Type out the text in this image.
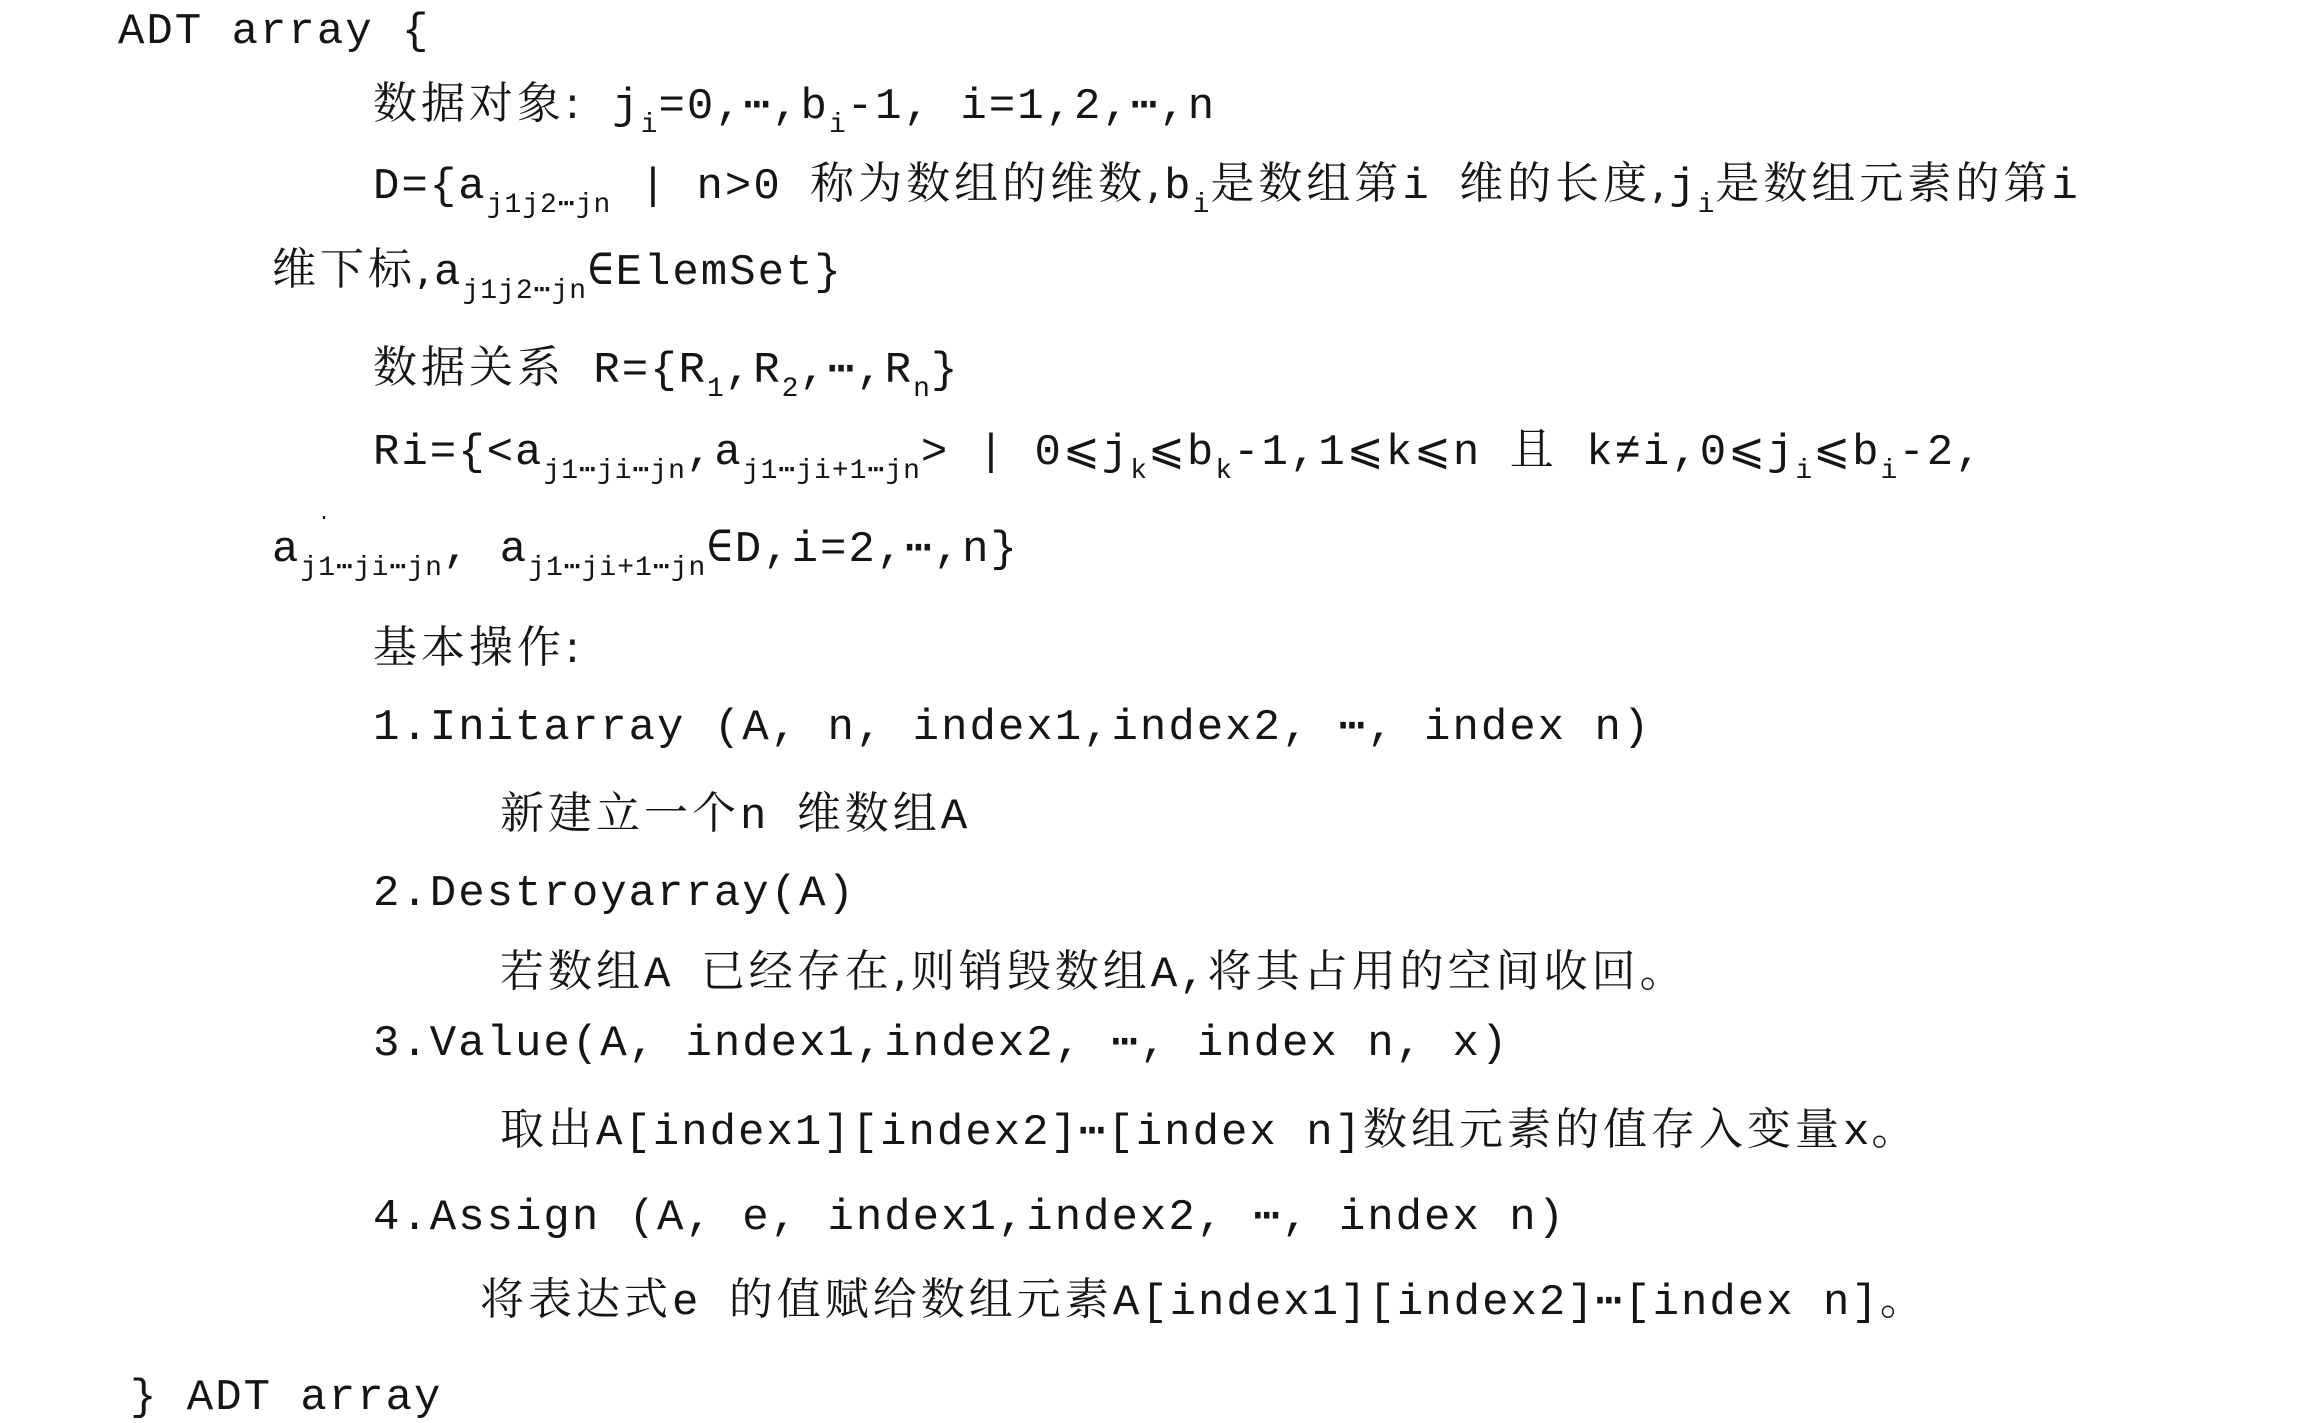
ADT array {
数据对象: $j_i=0,\cdots,b_i-1$, i=1,2,⋯,n
$D=\{a_{j1j2\cdots jn}$ | n>0 称为数组的维数$,b_i$是数组第i 维的长度$,j_i$是数组元素的第i
维下标$,a_{j1j2\cdots jn}\in ElemSet$}
数据关系 $R=\{R_1,R_2,\cdots,R_n\}$
$Ri=\{<a_{j1\cdots ji\cdots jn},a_{j1\cdots ji+1\cdots jn}>$ | $0⩽j_k⩽b_k-1,1⩽k⩽n$ 且 $k\ne i,0⩽j_i⩽b_i-2$,
·
$a_{j1\cdots ji\cdots jn}$, $a_{j1\cdots ji+1\cdots jn}\in D,i=2,\cdots,n$}
基本操作:
1.Initarray (A, n, index1,index2, ⋯, index n)
新建立一个n 维数组A
2.Destroyarray(A)
若数组A 已经存在,则销毁数组A,将其占用的空间收回。
3.Value(A, index1,index2, ⋯, index n, x)
取出A[index1][index2]⋯[index n]数组元素的值存入变量x。
4.Assign (A, e, index1,index2, ⋯, index n)
将表达式e 的值赋给数组元素A[index1][index2]⋯[index n]。
} ADT array
